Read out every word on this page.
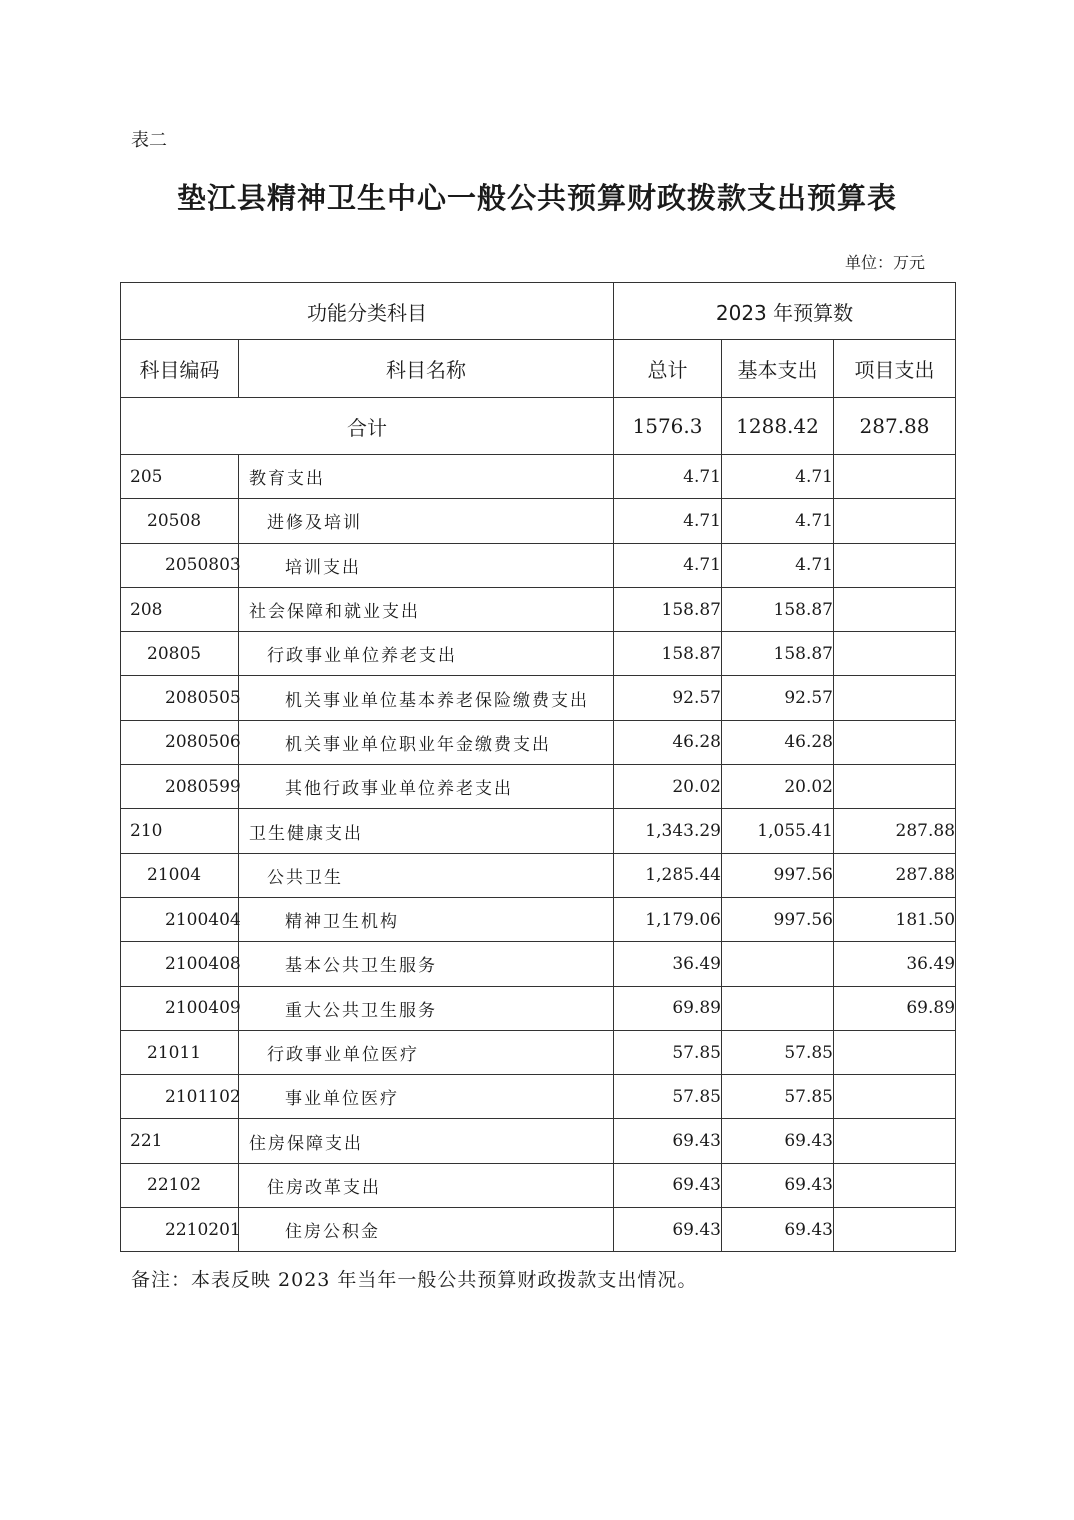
表二
垫江县精神卫生中心一般公共预算财政拨款支出预算表
单位：万元
功能分类科目		2023 年预算数		
科目编码	科目名称	总计	基本支出	项目支出
合计		1576.3	1288.42	287.88
205	教育支出	4.71	4.71	
20508	进修及培训	4.71	4.71	
2050803	培训支出	4.71	4.71	
208	社会保障和就业支出	158.87	158.87	
20805	行政事业单位养老支出	158.87	158.87	
2080505	机关事业单位基本养老保险缴费支出	92.57	92.57	
2080506	机关事业单位职业年金缴费支出	46.28	46.28	
2080599	其他行政事业单位养老支出	20.02	20.02	
210	卫生健康支出	1,343.29	1,055.41	287.88
21004	公共卫生	1,285.44	997.56	287.88
2100404	精神卫生机构	1,179.06	997.56	181.50
2100408	基本公共卫生服务	36.49		36.49
2100409	重大公共卫生服务	69.89		69.89
21011	行政事业单位医疗	57.85	57.85	
2101102	事业单位医疗	57.85	57.85	
221	住房保障支出	69.43	69.43	
22102	住房改革支出	69.43	69.43	
2210201	住房公积金	69.43	69.43	
备注：本表反映 2023 年当年一般公共预算财政拨款支出情况。
